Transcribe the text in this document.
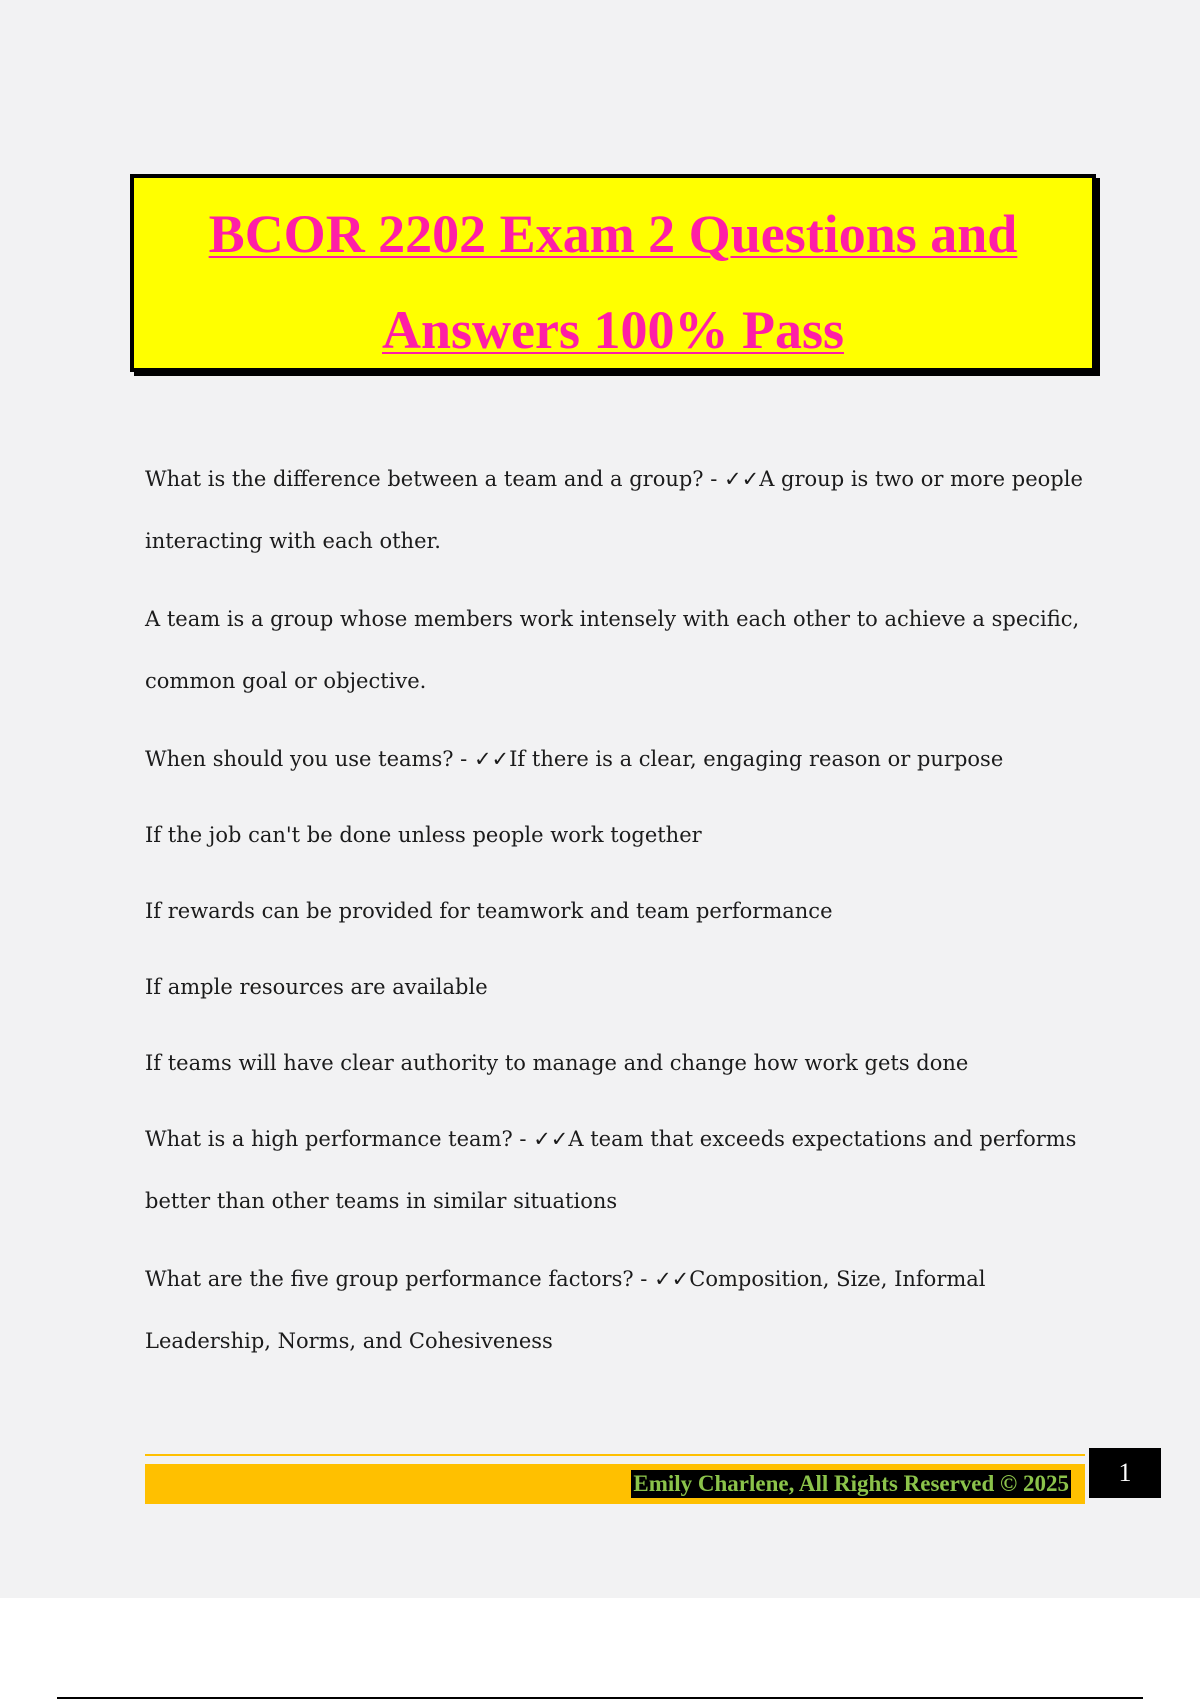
BCOR 2202 Exam 2 Questions and
Answers 100% Pass

What is the difference between a team and a group? - ✓✓A group is two or more people interacting with each other.

A team is a group whose members work intensely with each other to achieve a specific, common goal or objective.

When should you use teams? - ✓✓If there is a clear, engaging reason or purpose

If the job can't be done unless people work together

If rewards can be provided for teamwork and team performance

If ample resources are available

If teams will have clear authority to manage and change how work gets done

What is a high performance team? - ✓✓A team that exceeds expectations and performs better than other teams in similar situations

What are the five group performance factors? - ✓✓Composition, Size, Informal Leadership, Norms, and Cohesiveness

Emily Charlene, All Rights Reserved © 2025	1
